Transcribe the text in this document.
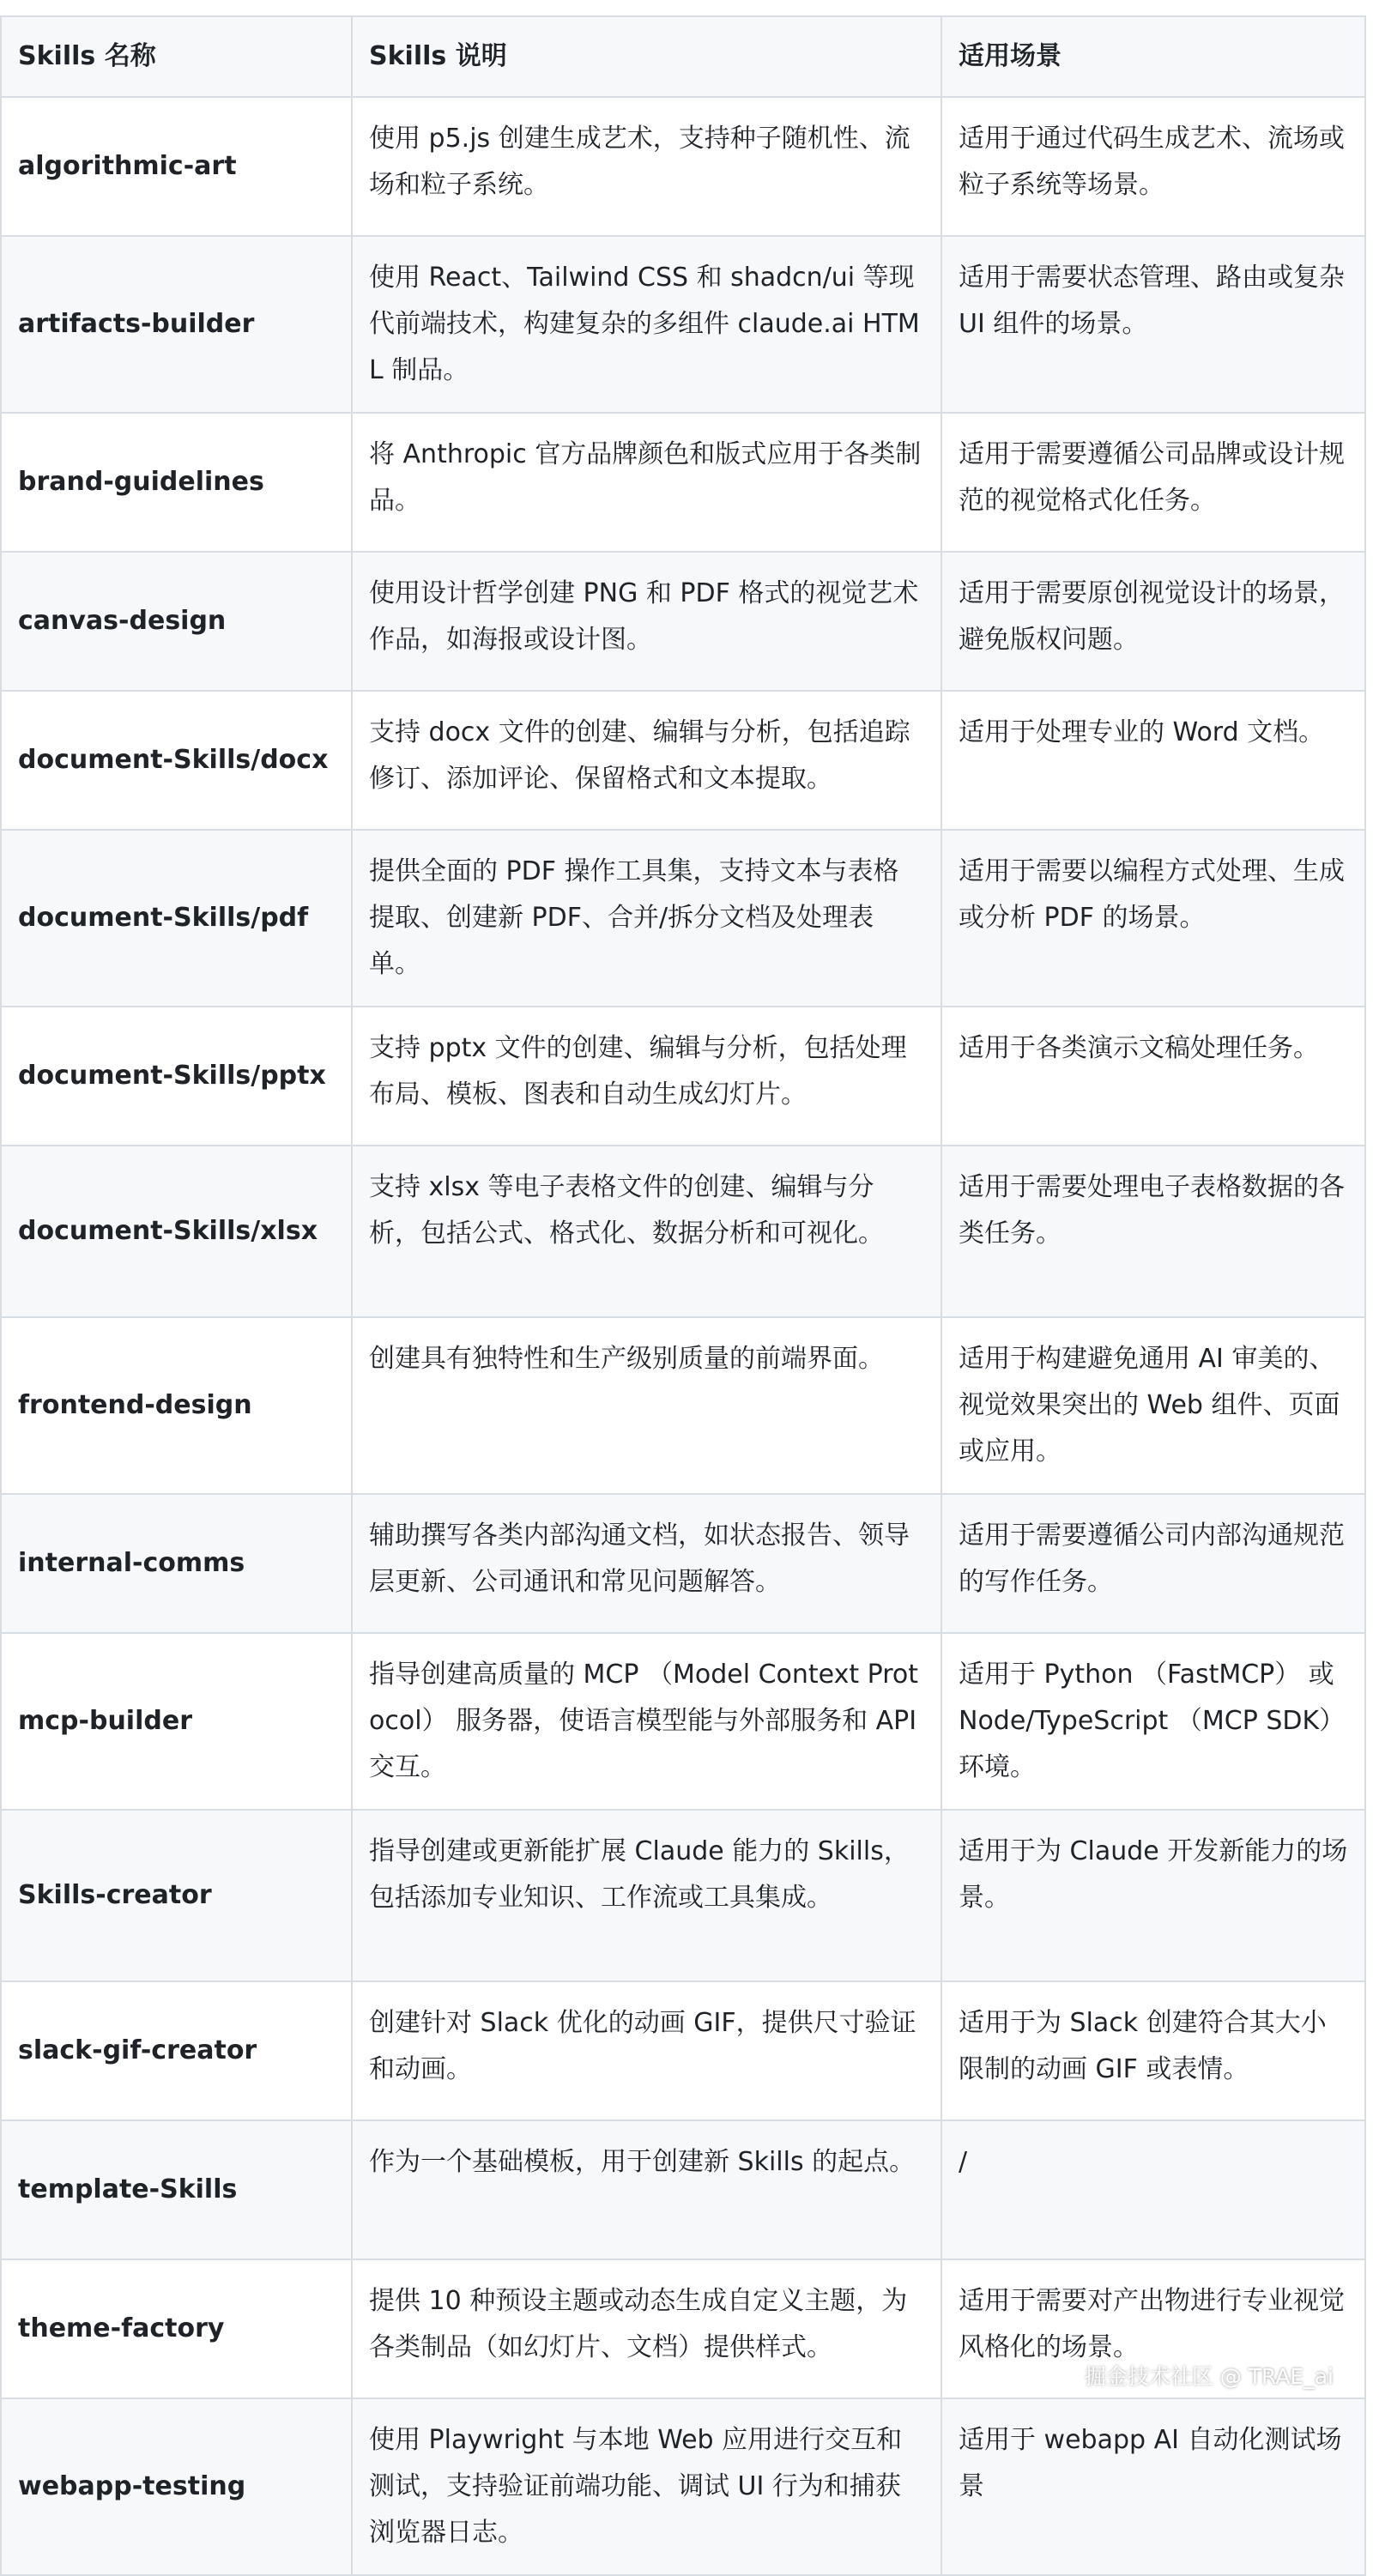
Skills 名称	Skills 说明	适用场景
algorithmic-art	使用 p5.js 创建生成艺术，支持种子随机性、流场和粒子系统。	适用于通过代码生成艺术、流场或粒子系统等场景。
artifacts-builder	使用 React、Tailwind CSS 和 shadcn/ui 等现代前端技术，构建复杂的多组件 claude.ai HTML 制品。	适用于需要状态管理、路由或复杂 UI 组件的场景。
brand-guidelines	将 Anthropic 官方品牌颜色和版式应用于各类制品。	适用于需要遵循公司品牌或设计规范的视觉格式化任务。
canvas-design	使用设计哲学创建 PNG 和 PDF 格式的视觉艺术作品，如海报或设计图。	适用于需要原创视觉设计的场景，避免版权问题。
document-Skills/docx	支持 docx 文件的创建、编辑与分析，包括追踪修订、添加评论、保留格式和文本提取。	适用于处理专业的 Word 文档。
document-Skills/pdf	提供全面的 PDF 操作工具集，支持文本与表格提取、创建新 PDF、合并/拆分文档及处理表单。	适用于需要以编程方式处理、生成或分析 PDF 的场景。
document-Skills/pptx	支持 pptx 文件的创建、编辑与分析，包括处理布局、模板、图表和自动生成幻灯片。	适用于各类演示文稿处理任务。
document-Skills/xlsx	支持 xlsx 等电子表格文件的创建、编辑与分析，包括公式、格式化、数据分析和可视化。	适用于需要处理电子表格数据的各类任务。
frontend-design	创建具有独特性和生产级别质量的前端界面。	适用于构建避免通用 AI 审美的、视觉效果突出的 Web 组件、页面或应用。
internal-comms	辅助撰写各类内部沟通文档，如状态报告、领导层更新、公司通讯和常见问题解答。	适用于需要遵循公司内部沟通规范的写作任务。
mcp-builder	指导创建高质量的 MCP （Model Context Protocol） 服务器，使语言模型能与外部服务和 API 交互。	适用于 Python （FastMCP） 或 Node/TypeScript （MCP SDK） 环境。
Skills-creator	指导创建或更新能扩展 Claude 能力的 Skills，包括添加专业知识、工作流或工具集成。	适用于为 Claude 开发新能力的场景。
slack-gif-creator	创建针对 Slack 优化的动画 GIF，提供尺寸验证和动画。	适用于为 Slack 创建符合其大小限制的动画 GIF 或表情。
template-Skills	作为一个基础模板，用于创建新 Skills 的起点。	/
theme-factory	提供 10 种预设主题或动态生成自定义主题，为各类制品（如幻灯片、文档）提供样式。	适用于需要对产出物进行专业视觉风格化的场景。
webapp-testing	使用 Playwright 与本地 Web 应用进行交互和测试，支持验证前端功能、调试 UI 行为和捕获浏览器日志。	适用于 webapp AI 自动化测试场景
掘金技术社区 @ TRAE_ai
